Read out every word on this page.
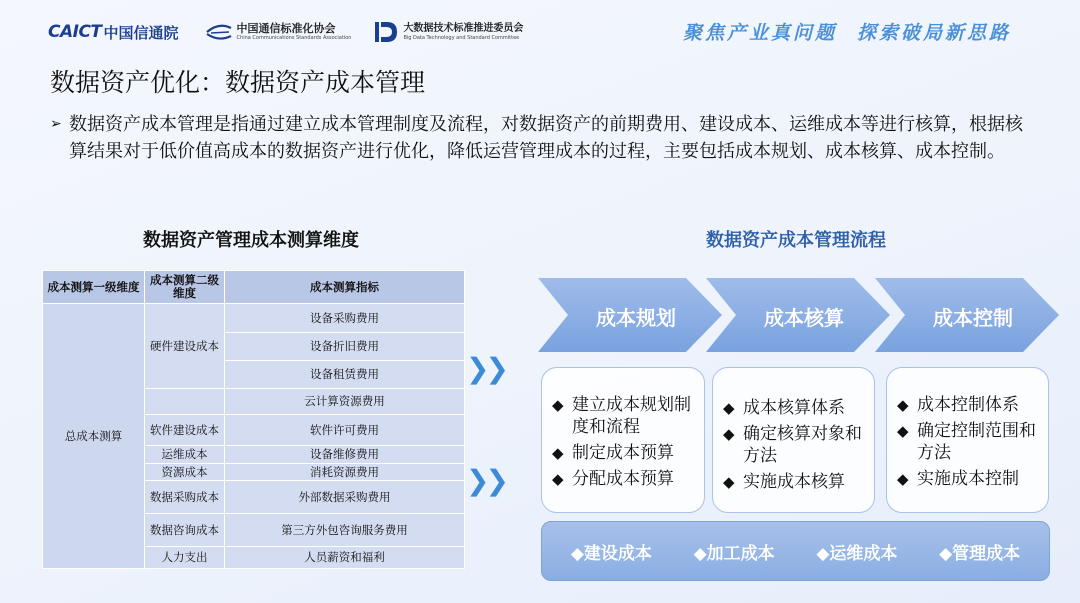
CAICT 中国信通院	中国通信标准化协会
China Communications Standards Association
大数据技术标准推进委员会
Big Data Technology and Standard Committee	聚焦产业真问题 探索破局新思路
数据资产优化：数据资产成本管理
➢ 数据资产成本管理是指通过建立成本管理制度及流程，对数据资产的前期费用、建设成本、运维成本等进行核算，根据核算结果对于低价值高成本的数据资产进行优化，降低运营管理成本的过程，主要包括成本规划、成本核算、成本控制。
数据资产管理成本测算维度	数据资产成本管理流程
成本测算一级维度	成本测算二级维度	成本测算指标
总成本测算	硬件建设成本	设备采购费用
		设备折旧费用
		设备租赁费用
		云计算资源费用
	软件建设成本	软件许可费用
	运维成本	设备维修费用
	资源成本	消耗资源费用
	数据采购成本	外部数据采购费用
	数据咨询成本	第三方外包咨询服务费用
	人力支出	人员薪资和福利
❯❯
❯❯
成本规划	成本核算	成本控制
◆ 建立成本规划制度和流程
◆ 制定成本预算
◆ 分配成本预算
◆ 成本核算体系
◆ 确定核算对象和方法
◆ 实施成本核算
◆ 成本控制体系
◆ 确定控制范围和方法
◆ 实施成本控制
◆建设成本 ◆加工成本 ◆运维成本 ◆管理成本
